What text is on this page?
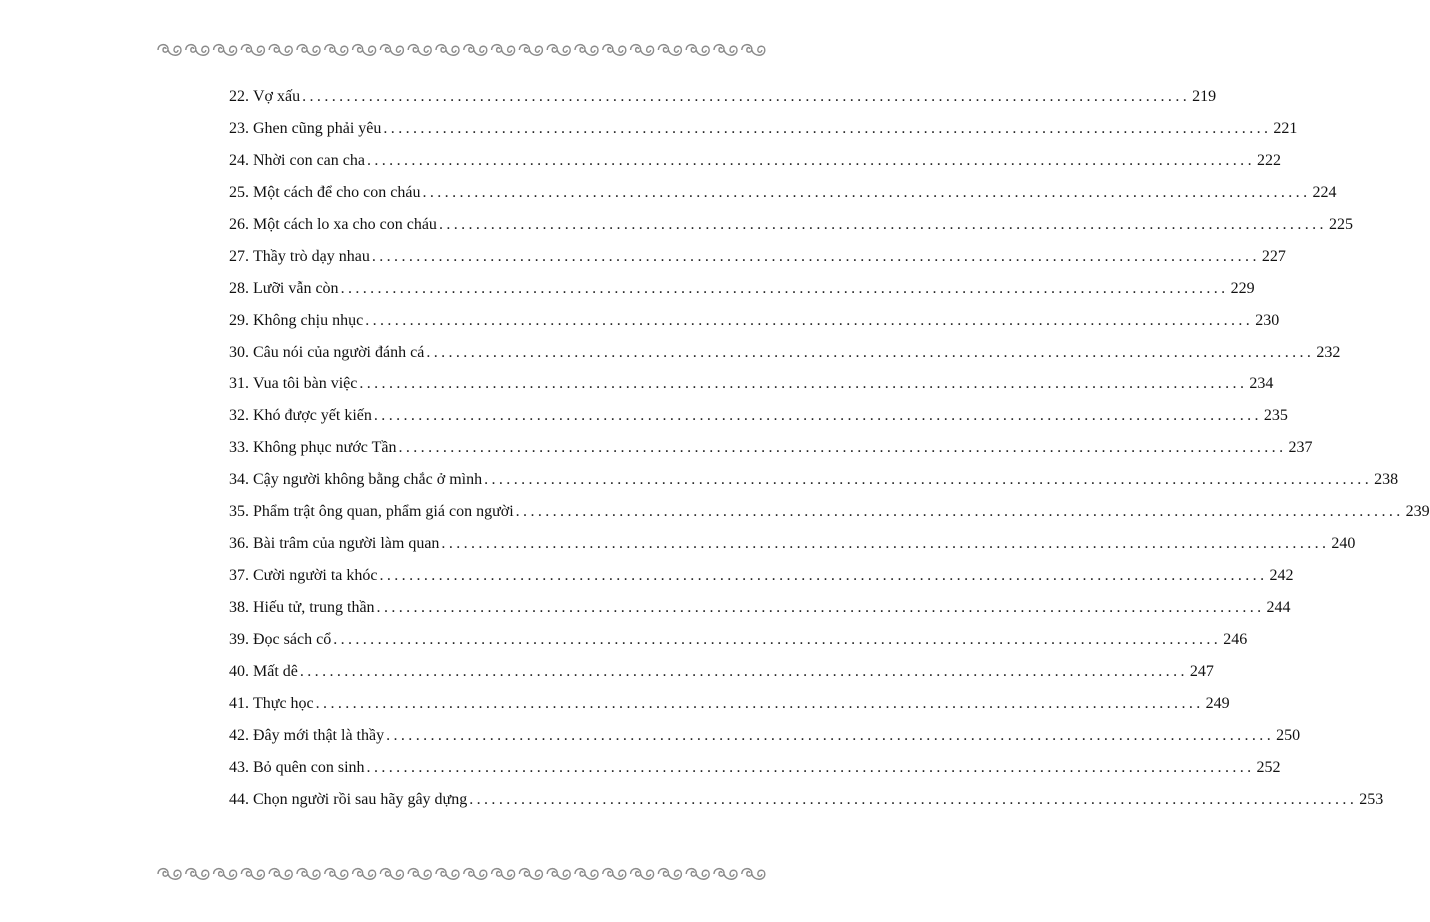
22. Vợ xấu ........................................................................................................................ 219
23. Ghen cũng phải yêu ........................................................................................................................ 221
24. Nhời con can cha ........................................................................................................................ 222
25. Một cách để cho con cháu ........................................................................................................................ 224
26. Một cách lo xa cho con cháu ........................................................................................................................ 225
27. Thầy trò dạy nhau ........................................................................................................................ 227
28. Lưỡi vẫn còn ........................................................................................................................ 229
29. Không chịu nhục ........................................................................................................................ 230
30. Câu nói của người đánh cá ........................................................................................................................ 232
31. Vua tôi bàn việc ........................................................................................................................ 234
32. Khó được yết kiến ........................................................................................................................ 235
33. Không phục nước Tần ........................................................................................................................ 237
34. Cậy người không bằng chắc ở mình ........................................................................................................................ 238
35. Phẩm trật ông quan, phẩm giá con người ........................................................................................................................ 239
36. Bài trâm của người làm quan ........................................................................................................................ 240
37. Cười người ta khóc ........................................................................................................................ 242
38. Hiếu tử, trung thần ........................................................................................................................ 244
39. Đọc sách cổ ........................................................................................................................ 246
40. Mất dê ........................................................................................................................ 247
41. Thực học ........................................................................................................................ 249
42. Đây mới thật là thầy ........................................................................................................................ 250
43. Bỏ quên con sinh ........................................................................................................................ 252
44. Chọn người rồi sau hãy gây dựng ........................................................................................................................ 253
